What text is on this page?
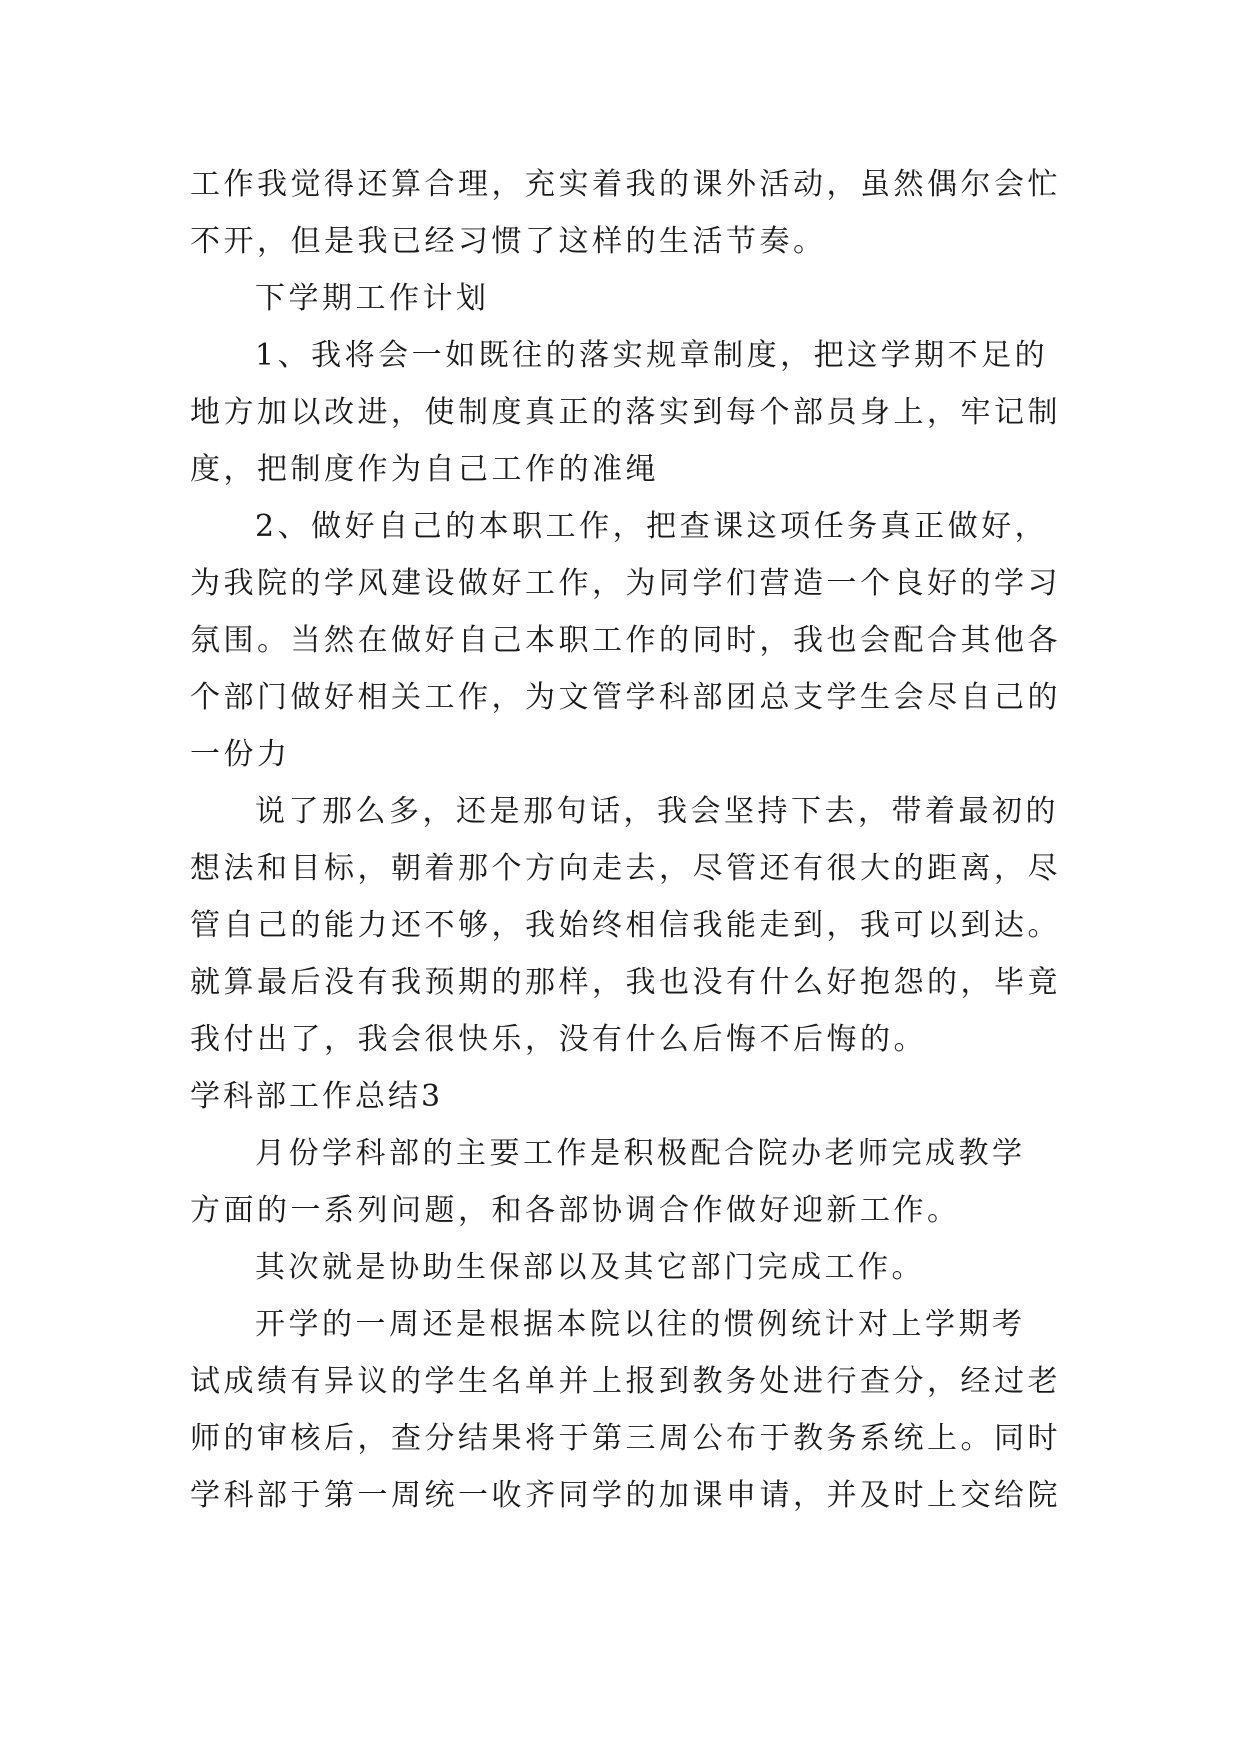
工作我觉得还算合理，充实着我的课外活动，虽然偶尔会忙
不开，但是我已经习惯了这样的生活节奏。

下学期工作计划

1、我将会一如既往的落实规章制度，把这学期不足的
地方加以改进，使制度真正的落实到每个部员身上，牢记制
度，把制度作为自己工作的准绳

2、做好自己的本职工作，把查课这项任务真正做好，
为我院的学风建设做好工作，为同学们营造一个良好的学习
氛围。当然在做好自己本职工作的同时，我也会配合其他各
个部门做好相关工作，为文管学科部团总支学生会尽自己的
一份力

说了那么多，还是那句话，我会坚持下去，带着最初的
想法和目标，朝着那个方向走去，尽管还有很大的距离，尽
管自己的能力还不够，我始终相信我能走到，我可以到达。
就算最后没有我预期的那样，我也没有什么好抱怨的，毕竟
我付出了，我会很快乐，没有什么后悔不后悔的。

学科部工作总结3

月份学科部的主要工作是积极配合院办老师完成教学
方面的一系列问题，和各部协调合作做好迎新工作。

其次就是协助生保部以及其它部门完成工作。

开学的一周还是根据本院以往的惯例统计对上学期考
试成绩有异议的学生名单并上报到教务处进行查分，经过老
师的审核后，查分结果将于第三周公布于教务系统上。同时
学科部于第一周统一收齐同学的加课申请，并及时上交给院
